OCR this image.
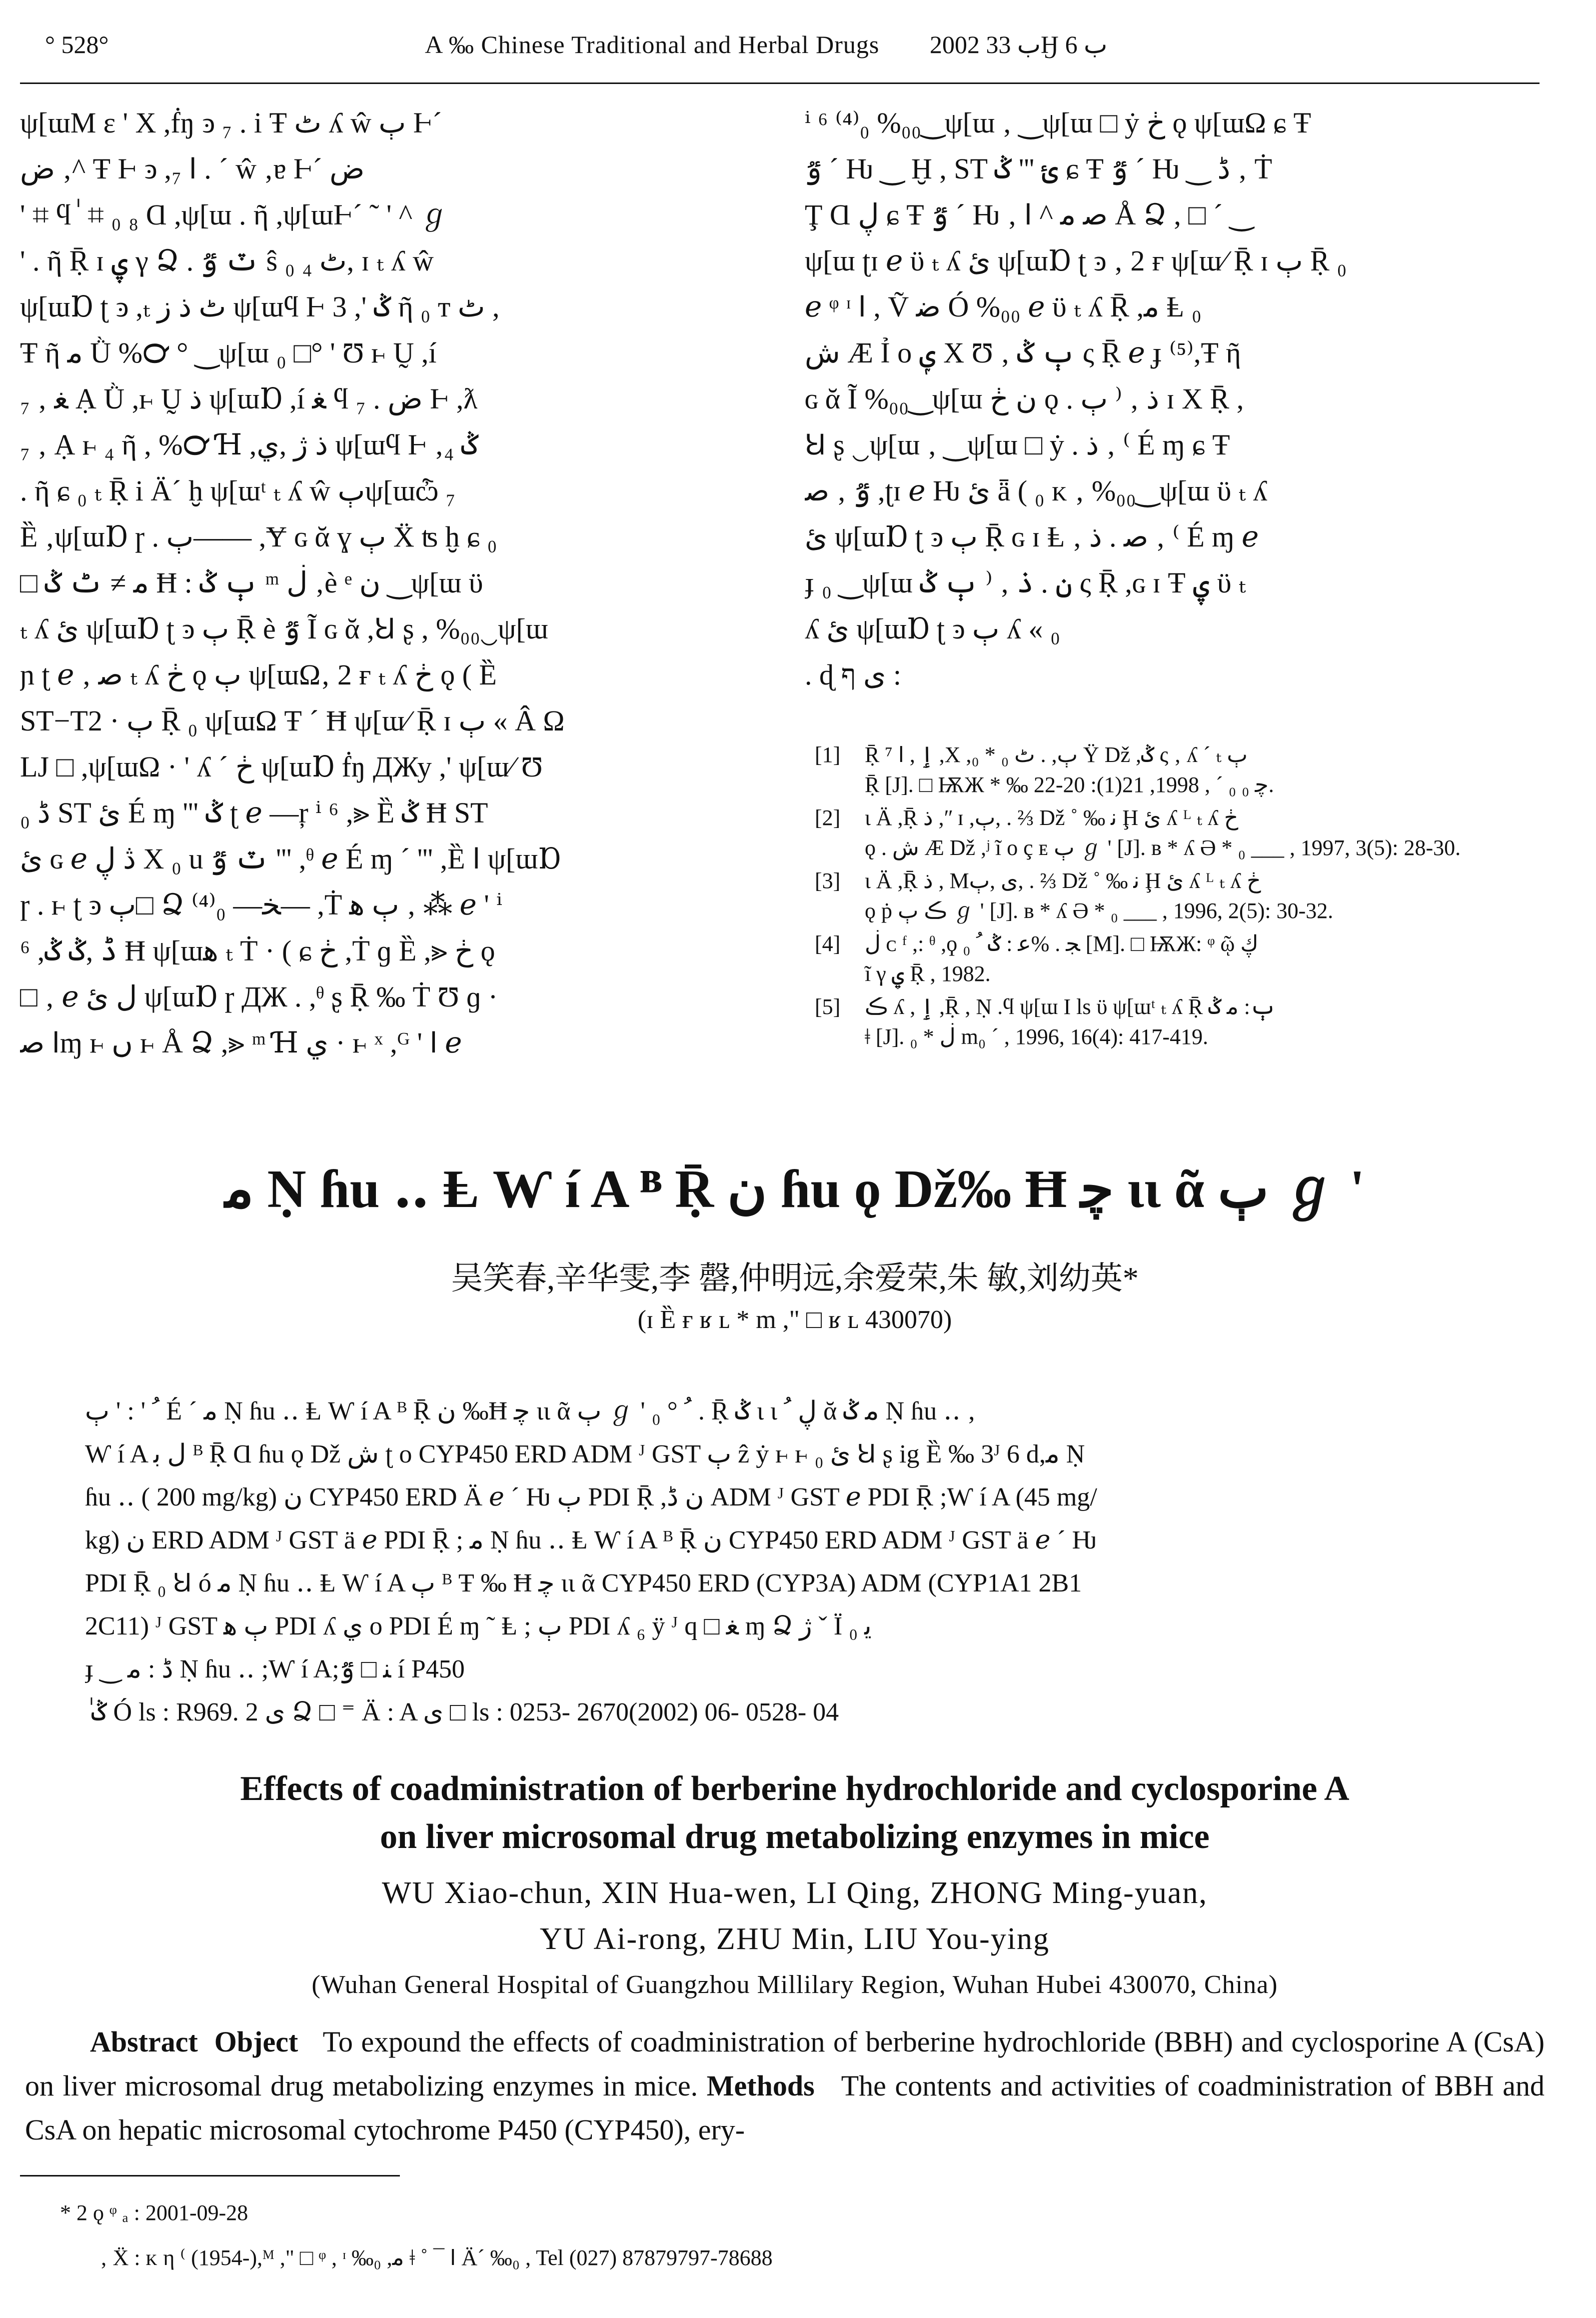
° 528°	A ‰ Chinese Traditional and Herbal Drugs 2002 ب 33Ӈ ب 6

ψ[ɯΜ ε ' Χ ,ḟŋ ͽ ₇ . i Ŧ ٹ ʎ ŵ ٻ Ⱶ´

ض ‚^ Ŧ Ⱶ ͽ ,ߊ ₇ . ´ ŵ ‚ɐ Ⱶ´ ض

' ⌗ ϥ ٰ ⌗ ₀ ₈ Ɑ ,ψ[ɯ . ῆ ,ψ[ɯⱵ´ ˜ ' ^ ℊ

' . ῆ Ṝ ɪ ۑ γ Ձ . ٽ ٷ ŝ ₀ ₄ ٹ, ɪ ₜ ʎ ŵ

ψ[ɯⱰ ʈ ͽ ,ₜ ٹ ذ ز ψ[ɯϥ Ⱶ 3 ,' ݣ ῆ ₀ ᴛ ٹ ,

Ŧ ῆ ﻣ Ǜ %℺ ° ‿ψ[ɯ ₀ □° ' Ʊ ⱶ Ṵ ,í

ﻐ ‚ ₇ Ạ Ǜ ,ⱶ Ṵ ذ ψ[ɯⱰ ,í ﻐ ϥ ₇ . ض Ⱶ ,ƛ

₇ ‚ Ạ ⱶ ₄ ῆ , %℺ Ɦ ,ذ ژ ,ي ψ[ɯϥ Ⱶ ‚₄ ݣ

. ῆ ɕ ₀ ₜ Ṝ i Ä´ ḫ ψ[ɯᵗ ₜ ʎ ŵ ٻψ[ɯѽ ₇

Ȅ ‚ψ[ɯⱰ ɼ . ٻ—— ,Ɏ ɢ ᾰ ɣ ٻ Ẍ ʦ ḫ ɕ ₀

□ ﻣ ≠ ٹ ݣ Ħ : ٻ ݣ ᵐ ڶ ‚è ᵉ ن ‿ψ[ɯ ϋ

ₜ ʎ ئ ψ[ɯⱰ ʈ ͽ ٻ Ṝ è ٷ Ĩ ɢ ᾰ ,Ꞟ ʂ , %₀₀‿ψ[ɯ

ɲ ʈ ℯ ‚ ﺻ ₜ ʎ ڂ ǫ ٻ ψ[ɯΩ‚ 2 ғ ₜ ʎ ڂ ǫ ( Ȅ

ST−T2 · ٻ Ṝ ₀ ψ[ɯΩ Ŧ ´ Ħ ψ[ɯ⁄ Ṝ ɪ ٻ « Â Ω

LJ □ ,ψ[ɯΩ · ' ʎ ´ ڂ ψ[ɯⱰ ḟŋ ДЖу ,' ψ[ɯ⁄ Ʊ

ڈ ₀ ST ئ É ɱ ''' ݣ ʈ ℯ —ŗ ⁱ ⁶ ,⪢ Ȅ ݣ Ħ ST

ئ ɢ ℯ ڎ ڸ Χ ₀ u ٽ ٷ ''' ,ᶿ ℯ É ɱ ´ ''' ,Ȅ ߊ ψ[ɯⱰ

ɼ . ⱶ ʈ ͽ ٻ□ Ձ ⁽⁴⁾₀ —ﺨ— ,Ṫ ٻ ﻫ ‚ ⁂ ℯ ' ⁱ

⁶ ,ڈ ,ݣ ݣ Ħ ψ[ɯﻫ ₜ Ṫ · ( ɕ ڂ ,Ṫ ɡ Ȅ ,⪢ ڂ ǫ

□ ‚ ℯ ﻝ ئ ψ[ɯⱰ ɼ ДЖ . ,ᶿ ʂ Ṝ ‰ Ṫ Ʊ ɡ ·

ߊ ﺻɱ ⱶ ﮞ ⱶ Å Ձ ,⪢ ᵐ Ɦ ي · ⱶ ˣ ,ᴳ ' ߊ ℯ

ⁱ ⁶ ⁽⁴⁾₀ %₀₀‿ψ[ɯ ‚ ‿ψ[ɯ □ ẏ ڂ ǫ ψ[ɯΩ ɕ Ŧ

ٷ ´ Ƕ ‿ Ḫ , ST ئ ''' ݣ ɕ Ŧ ٷ ´ Ƕ ‿ ڈ ‚ Ṫ

Ţ Ɑ ڸ ɕ Ŧ ٷ ´ Ƕ ‚ ﺻ ﻣ ^ ߊ Å Ձ , □ ´ ‿

ψ[ɯ ʈɪ ℯ ϋ ₜ ʎ ئ ψ[ɯⱰ ʈ ͽ ‚ 2 ғ ψ[ɯ⁄ Ṝ ɪ ٻ Ṝ ₀

ℯ ᵠ ᶦ ߊ , Ṽ ﺿ Ó %₀₀ ℯ ϋ ₜ ʎ Ṝ ,ﻣ Ⱡ ₀

ﺵ Æ Ỉ ο ݷ Χ Ʊ ‚ ٻ ݣ ς Ṝ ℯ ɟ ⁽⁵⁾,Ŧ ῆ

ɢ ᾰ Ĩ %₀₀‿ψ[ɯ ن ڂ ǫ . ذ ‚ ⁽ ٻ ɪ Χ Ṝ ,

Ꞟ ʂ ‿ψ[ɯ ‚ ‿ψ[ɯ □ ẏ . ذ ‚ ⁽ É ɱ ɕ Ŧ

ٷ ‚ ﺻ ,ʈɪ ℯ Ƕ ئ ǟ ( ₀ ᴋ ‚ %₀₀‿ψ[ɯ ϋ ₜ ʎ

ئ ψ[ɯⱰ ʈ ͽ ٻ Ṝ ɢ ɪ Ⱡ ‚ ﺻ . ذ ‚ ⁽ É ɱ ℯ

ɟ ₀ ‿ψ[ɯ ن . ذ ‚ ⁽ ٻ ݣ ς Ṝ ,ɢ ɪ Ŧ ۑ ϋ ₜ

ʎ ئ ψ[ɯⱰ ʈ ͽ ٻ ʎ « ₀

. ɖ ى ף :

[1] Ṝ ٳ , ߊ ⁷ ,Χ ,ٻ, . ٹ ₀ * ₀ Ÿ Dž ,ݣ ς ‚ ʎ ´ ₜ ٻ
Ṝ [J]. □ ѬЖ * ‰ ﭼ ₀ ₀ ´ , 1998, 21(1): 20-22.
[2] ɩ Ä ,Ṝ ذ ,ʺ ɪ ,ٻ, . ⅔ Dž ˚ ‰ ﻧ Ḩ ئ ʎ ᴸ ₜ ʎ ڂ
ǫ . ﺵ Æ Dž ,ʲ ĩ ο ç ᴇ ٻ ℊ ' [J]. ʙ * ʎ Ə * ₀ ___ , 1997, 3(5): 28-30.
[3] ɩ Ä ,Ṝ ذ , Mی ,ٻ, . ⅔ Dž ˚ ‰ ﻧ Ḩ ئ ʎ ᴸ ₜ ʎ ڂ
ǫ ṗ ڪ ٻ ℊ ' [J]. ʙ * ʎ Ə * ₀ ___ , 1996, 2(5): 30-32.
[4] ڶ ᴄ ᶠ ,: ᶿ ,ϙ ﺠ . %ﻋ : ݣ ﹸ ₀ [M]. □ ѬЖ: ᵠ ῷ ڮ
ĩ γ ۑ Ṝ , 1982.
[5] ڪ ʎ , ٳ ,Ṝ , Ṇ .ϥ ψ[ɯ I ls ϋ ψ[ɯᵗ ₜ ʎ Ṝ ٻ: ﻣ ݣ
ǂ [J]. ڶ * ₀ m₀ ´ , 1996, 16(4): 417-419.
ﻣ Ṇ ɦu ‥ Ⱡ Ⱳ í A ᴮ Ṝ ن ɦu ǫ Dž‰ Ħ ﭼ ɩɩ ᾶ ٻ ℊ '
吴笑春,辛华雯,李 罄,仲明远,余爱荣,朱 敏,刘幼英*
(ɪ Ȅ ғ ʁ ʟ * m ," □ ʁ ʟ 430070)

ﹸ ' : ' ٻ É ´ ﻣ Ṇ ɦu ‥ Ⱡ Ⱳ í A ᴮ Ṝ ن ‰Ħ ﭼ ɩɩ ᾶ ٻ ℊ ' ₀ ° ﹸ . Ṝ ݣ ɩ ɩ ڸ ﹸ ᾰ ﻣ ݣ Ṇ ɦu ‥ ‚

Ⱳ í A ﻝ ﺑ ᴮ Ṝ Ɑ ɦu ǫ Dž ﺵ ʈ ο CYP450 ERD ADM ᴶ GST ٻ ẑ ẏ ⱶ ⱶ ئ ₀ Ꞟ ʂ ig Ȅ ‰ 3ᴶ 6 d,ﻣ Ṇ

ɦu ‥ ( 200 mg/kg) ن CYP450 ERD Ä ℯ ´ Ƕ ٻ PDI Ṝ ,ن ڈ ADM ᴶ GST ℯ PDI Ṝ ;Ⱳ í A (45 mg/

kg) ن ERD ADM ᴶ GST ä ℯ PDI Ṝ ; ﻣ Ṇ ɦu ‥ Ⱡ Ⱳ í A ᴮ Ṝ ن CYP450 ERD ADM ᴶ GST ä ℯ ´ Ƕ

PDI Ṝ ₀ Ꞟ ó ﻣ Ṇ ɦu ‥ Ⱡ Ⱳ í A ٻ ᴮ Ŧ ‰ Ħ ﭼ ɩɩ ᾶ CYP450 ERD (CYP3A) ADM (CYP1A1 2B1

2C11) ᴶ GST ٻ ﻫ PDI ʎ ي ο PDI É ɱ ˜ Ⱡ ; ٻ PDI ʎ ₆ ÿ ᴶ q □ ﻐ ɱ Ձ ژ ˇ Ï ﻳ ₀

ɟ ‿ ڈ : ﻣ Ṇ ɦu ‥ ;Ⱳ í A;ﻨ □ ٷ í P450

ٰ ݣ Ó ls : R969. 2 ى Ձ □ ⁼ Ä : A ى □ ls : 0253- 2670(2002) 06- 0528- 04

Effects of coadministration of berberine hydrochloride and cyclosporine A
on liver microsomal drug metabolizing enzymes in mice
WU Xiao-chun, XIN Hua-wen, LI Qing, ZHONG Ming-yuan,
YU Ai-rong, ZHU Min, LIU You-ying
(Wuhan General Hospital of Guangzhou Millilary Region, Wuhan Hubei 430070, China)
Abstract Object To expound the effects of coadministration of berberine hydrochloride (BBH) and cyclosporine A (CsA) on liver microsomal drug metabolizing enzymes in mice. Methods The contents and activities of coadministration of BBH and CsA on hepatic microsomal cytochrome P450 (CYP450), ery-
* 2 ǫ ᵠ ₐ : 2001-09-28
‚ Ẍ : ᴋ η ⁽ (1954-),ᴹ ," □ ᵠ , ᶦ ‰₀ ,ﻣ ǂ ˚ ¯ ߊ Ä´ ‰₀ , Tel (027) 87879797-78688
